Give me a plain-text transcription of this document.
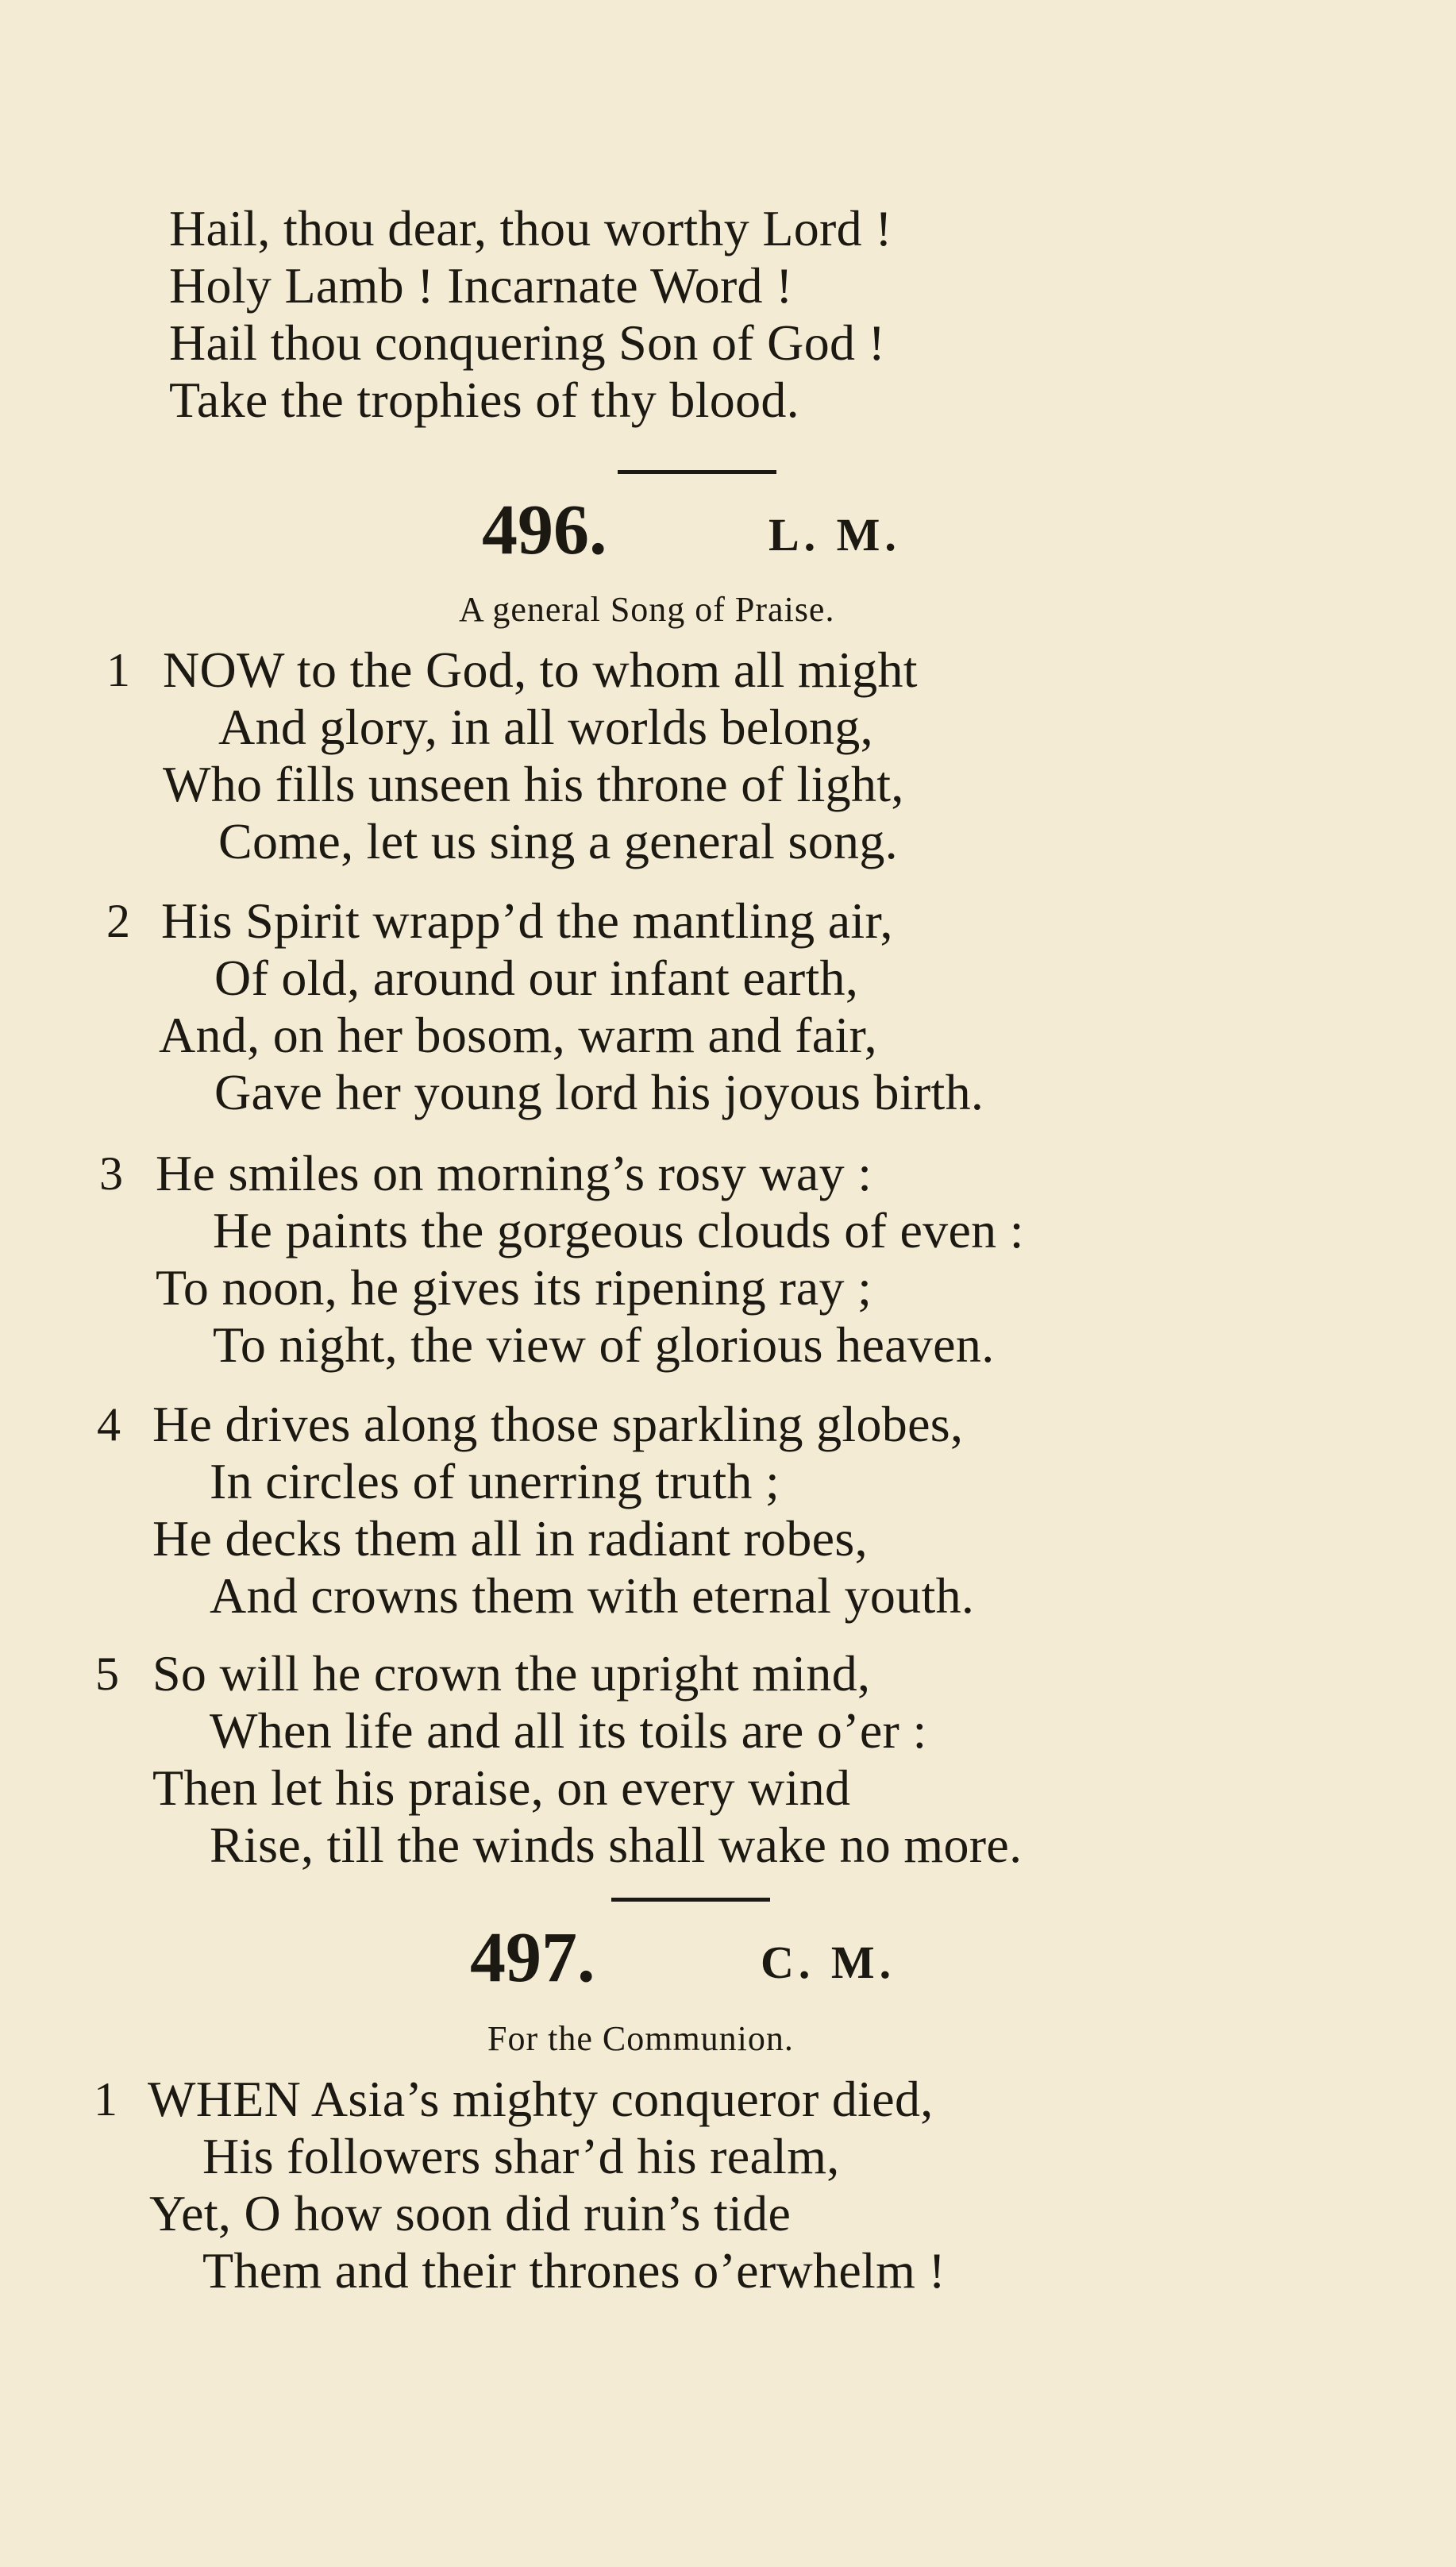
Hail, thou dear, thou worthy Lord !
Holy Lamb ! Incarnate Word !
Hail thou conquering Son of God !
Take the trophies of thy blood.
496.	L. M.
A general Song of Praise.
1 NOW to the God, to whom all might
And glory, in all worlds belong,
Who fills unseen his throne of light,
Come, let us sing a general song.
2 His Spirit wrapp’d the mantling air,
Of old, around our infant earth,
And, on her bosom, warm and fair,
Gave her young lord his joyous birth.
3 He smiles on morning’s rosy way :
He paints the gorgeous clouds of even :
To noon, he gives its ripening ray ;
To night, the view of glorious heaven.
4 He drives along those sparkling globes,
In circles of unerring truth ;
He decks them all in radiant robes,
And crowns them with eternal youth.
5 So will he crown the upright mind,
When life and all its toils are o’er :
Then let his praise, on every wind
Rise, till the winds shall wake no more.
497.	C. M.
For the Communion.
1 WHEN Asia’s mighty conqueror died,
His followers shar’d his realm,
Yet, O how soon did ruin’s tide
Them and their thrones o’erwhelm !
